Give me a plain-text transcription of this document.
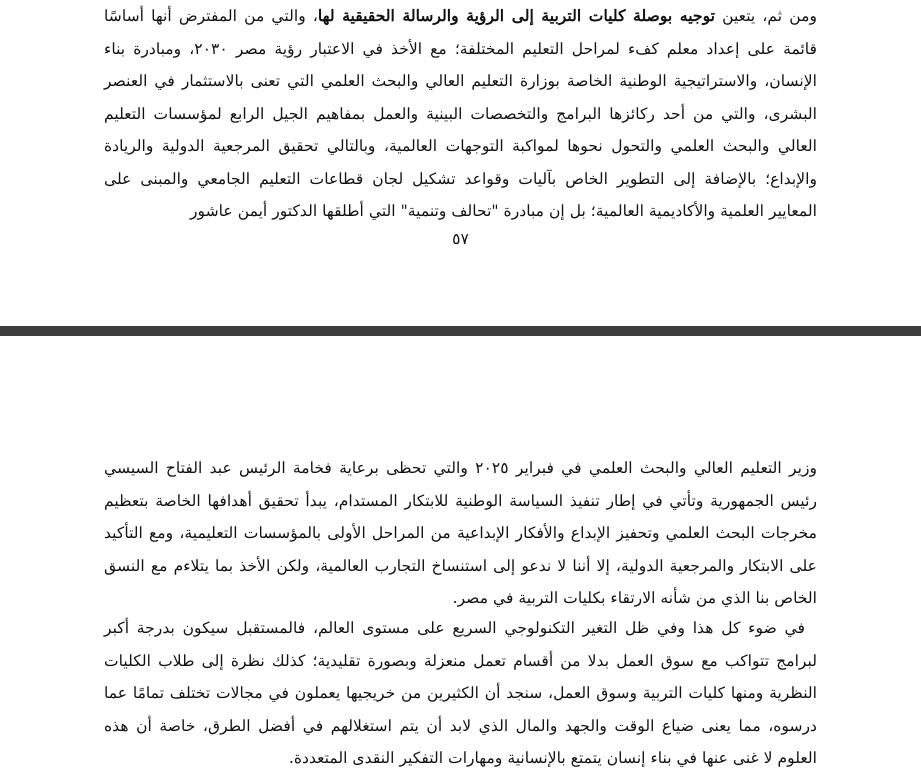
ومن ثم، يتعين توجيه بوصلة كليات التربية إلى الرؤية والرسالة الحقيقية لها، والتي من المفترض أنها أساسًا قائمة على إعداد معلم كفء لمراحل التعليم المختلفة؛ مع الأخذ في الاعتبار رؤية مصر ٢٠٣٠، ومبادرة بناء الإنسان، والاستراتيجية الوطنية الخاصة بوزارة التعليم العالي والبحث العلمي التي تعنى بالاستثمار في العنصر البشرى، والتي من أحد ركائزها البرامج والتخصصات البينية والعمل بمفاهيم الجيل الرابع لمؤسسات التعليم العالي والبحث العلمي والتحول نحوها لمواكبة التوجهات العالمية، وبالتالي تحقيق المرجعية الدولية والريادة والإبداع؛ بالإضافة إلى التطوير الخاص بآليات وقواعد تشكيل لجان قطاعات التعليم الجامعي والمبنى على المعايير العلمية والأكاديمية العالمية؛ بل إن مبادرة "تحالف وتنمية" التي أطلقها الدكتور أيمن عاشور

٥٧

وزير التعليم العالي والبحث العلمي في فبراير ٢٠٢٥ والتي تحظى برعاية فخامة الرئيس عبد الفتاح السيسي رئيس الجمهورية وتأتي في إطار تنفيذ السياسة الوطنية للابتكار المستدام، يبدأ تحقيق أهدافها الخاصة بتعظيم مخرجات البحث العلمي وتحفيز الإبداع والأفكار الإبداعية من المراحل الأولى بالمؤسسات التعليمية، ومع التأكيد على الابتكار والمرجعية الدولية، إلا أننا لا ندعو إلى استنساخ التجارب العالمية، ولكن الأخذ بما يتلاءم مع النسق الخاص بنا الذي من شأنه الارتقاء بكليات التربية في مصر.

في ضوء كل هذا وفي ظل التغير التكنولوجي السريع على مستوى العالم، فالمستقبل سيكون بدرجة أكبر لبرامج تتواكب مع سوق العمل بدلا من أقسام تعمل منعزلة وبصورة تقليدية؛ كذلك نظرة إلى طلاب الكليات النظرية ومنها كليات التربية وسوق العمل، سنجد أن الكثيرين من خريجيها يعملون في مجالات تختلف تمامًا عما درسوه، مما يعنى ضياع الوقت والجهد والمال الذي لابد أن يتم استغلالهم في أفضل الطرق، خاصة أن هذه العلوم لا غنى عنها في بناء إنسان يتمتع بالإنسانية ومهارات التفكير النقدى المتعددة.
